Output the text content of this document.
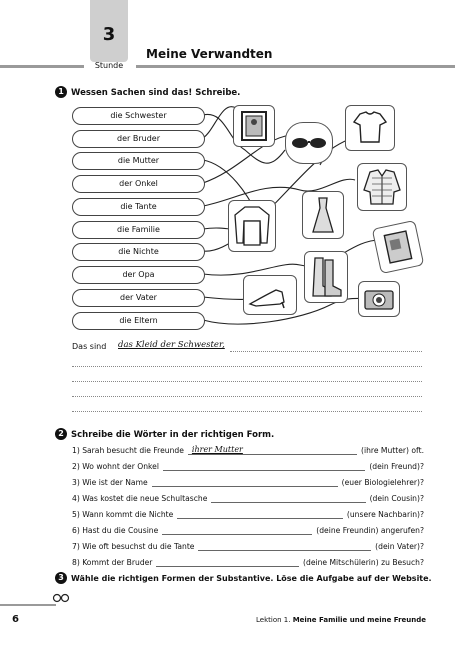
3
Stunde
Meine Verwandten
1 Wessen Sachen sind das! Schreibe.
die Schwester
der Bruder
die Mutter
der Onkel
die Tante
die Familie
die Nichte
der Opa
der Vater
die Eltern
Das sind das Kleid der Schwester,
2 Schreibe die Wörter in der richtigen Form.
1) Sarah besucht die Freunde ihrer Mutter	(ihre Mutter) oft.
2) Wo wohnt der Onkel	(dein Freund)?
3) Wie ist der Name	(euer Biologielehrer)?
4) Was kostet die neue Schultasche	(dein Cousin)?
5) Wann kommt die Nichte	(unsere Nachbarin)?
6) Hast du die Cousine	(deine Freundin) angerufen?
7) Wie oft besuchst du die Tante	(dein Vater)?
8) Kommt der Bruder	(deine Mitschülerin) zu Besuch?
3 Wähle die richtigen Formen der Substantive. Löse die Aufgabe auf der Website.
6	Lektion 1. Meine Familie und meine Freunde
